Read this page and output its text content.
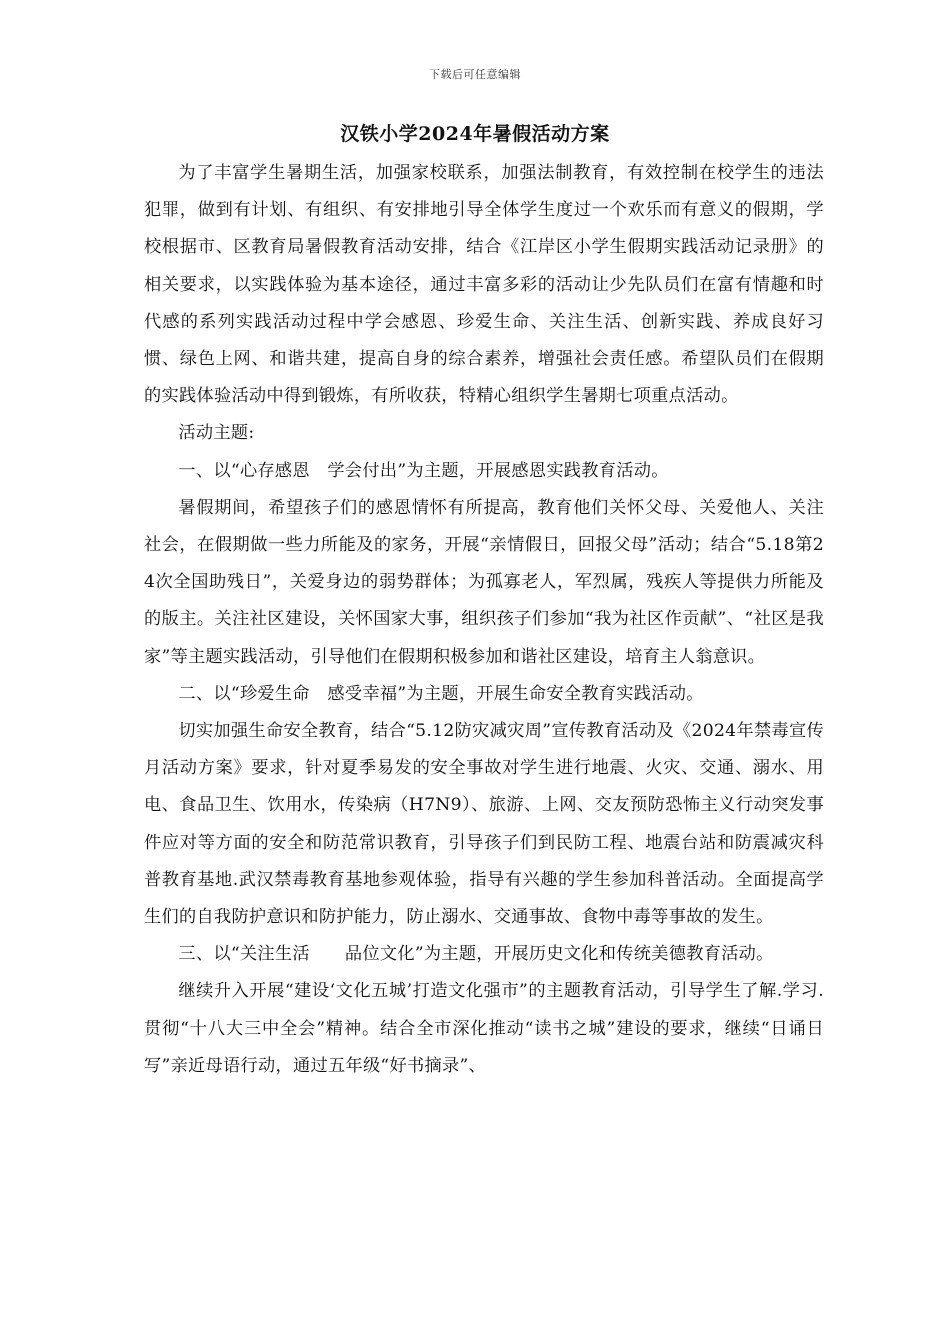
下载后可任意编辑
汉铁小学2024年暑假活动方案

为了丰富学生暑期生活，加强家校联系，加强法制教育，有效控制在校学生的违法犯罪，做到有计划、有组织、有安排地引导全体学生度过一个欢乐而有意义的假期，学校根据市、区教育局暑假教育活动安排，结合《江岸区小学生假期实践活动记录册》的相关要求，以实践体验为基本途径，通过丰富多彩的活动让少先队员们在富有情趣和时代感的系列实践活动过程中学会感恩、珍爱生命、关注生活、创新实践、养成良好习惯、绿色上网、和谐共建，提高自身的综合素养，增强社会责任感。希望队员们在假期的实践体验活动中得到锻炼，有所收获，特精心组织学生暑期七项重点活动。

活动主题:

一、以“心存感恩　学会付出”为主题，开展感恩实践教育活动。

暑假期间，希望孩子们的感恩情怀有所提高，教育他们关怀父母、关爱他人、关注社会，在假期做一些力所能及的家务，开展“亲情假日，回报父母”活动；结合“5.18第24次全国助残日”，关爱身边的弱势群体；为孤寡老人，军烈属，残疾人等提供力所能及的版主。关注社区建设，关怀国家大事，组织孩子们参加“我为社区作贡献”、“社区是我家”等主题实践活动，引导他们在假期积极参加和谐社区建设，培育主人翁意识。

二、以“珍爱生命　感受幸福”为主题，开展生命安全教育实践活动。

切实加强生命安全教育，结合“5.12防灾减灾周”宣传教育活动及《2024年禁毒宣传月活动方案》要求，针对夏季易发的安全事故对学生进行地震、火灾、交通、溺水、用电、食品卫生、饮用水，传染病（H7N9）、旅游、上网、交友预防恐怖主义行动突发事件应对等方面的安全和防范常识教育，引导孩子们到民防工程、地震台站和防震减灾科普教育基地.武汉禁毒教育基地参观体验，指导有兴趣的学生参加科普活动。全面提高学生们的自我防护意识和防护能力，防止溺水、交通事故、食物中毒等事故的发生。

三、以“关注生活　　品位文化”为主题，开展历史文化和传统美德教育活动。

继续升入开展“建设‘文化五城’打造文化强市”的主题教育活动，引导学生了解.学习.贯彻“十八大三中全会”精神。结合全市深化推动“读书之城”建设的要求，继续“日诵日写”亲近母语行动，通过五年级“好书摘录”、
